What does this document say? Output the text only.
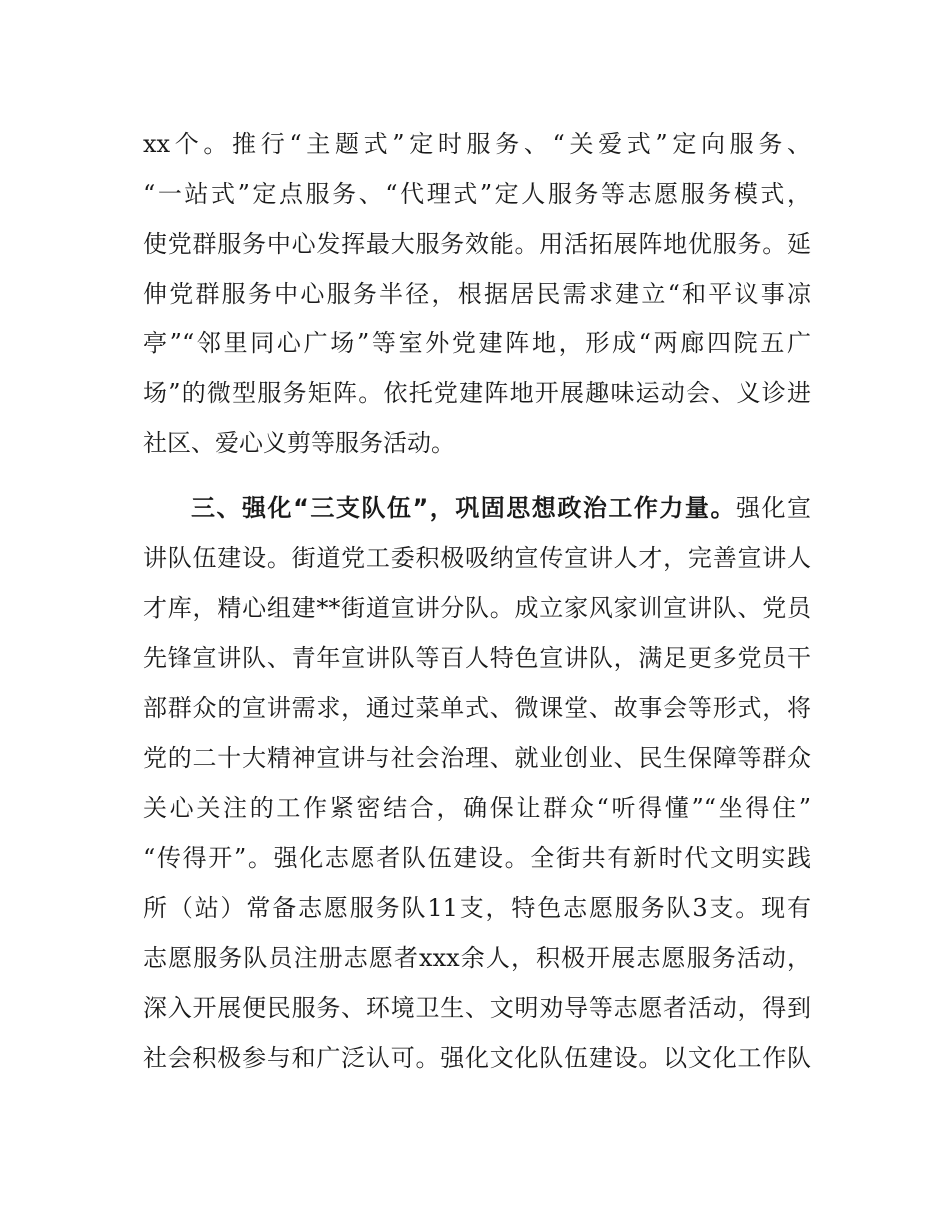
xx个。推行“主题式”定时服务、“关爱式”定向服务、
“一站式”定点服务、“代理式”定人服务等志愿服务模式，
使党群服务中心发挥最大服务效能。用活拓展阵地优服务。延
伸党群服务中心服务半径，根据居民需求建立“和平议事凉
亭”“邻里同心广场”等室外党建阵地，形成“两廊四院五广
场”的微型服务矩阵。依托党建阵地开展趣味运动会、义诊进
社区、爱心义剪等服务活动。
三、强化“三支队伍”，巩固思想政治工作力量。强化宣
讲队伍建设。街道党工委积极吸纳宣传宣讲人才，完善宣讲人
才库，精心组建**街道宣讲分队。成立家风家训宣讲队、党员
先锋宣讲队、青年宣讲队等百人特色宣讲队，满足更多党员干
部群众的宣讲需求，通过菜单式、微课堂、故事会等形式，将
党的二十大精神宣讲与社会治理、就业创业、民生保障等群众
关心关注的工作紧密结合，确保让群众“听得懂”“坐得住”
“传得开”。强化志愿者队伍建设。全街共有新时代文明实践
所（站）常备志愿服务队11支，特色志愿服务队3支。现有
志愿服务队员注册志愿者xxx余人，积极开展志愿服务活动，
深入开展便民服务、环境卫生、文明劝导等志愿者活动，得到
社会积极参与和广泛认可。强化文化队伍建设。以文化工作队
